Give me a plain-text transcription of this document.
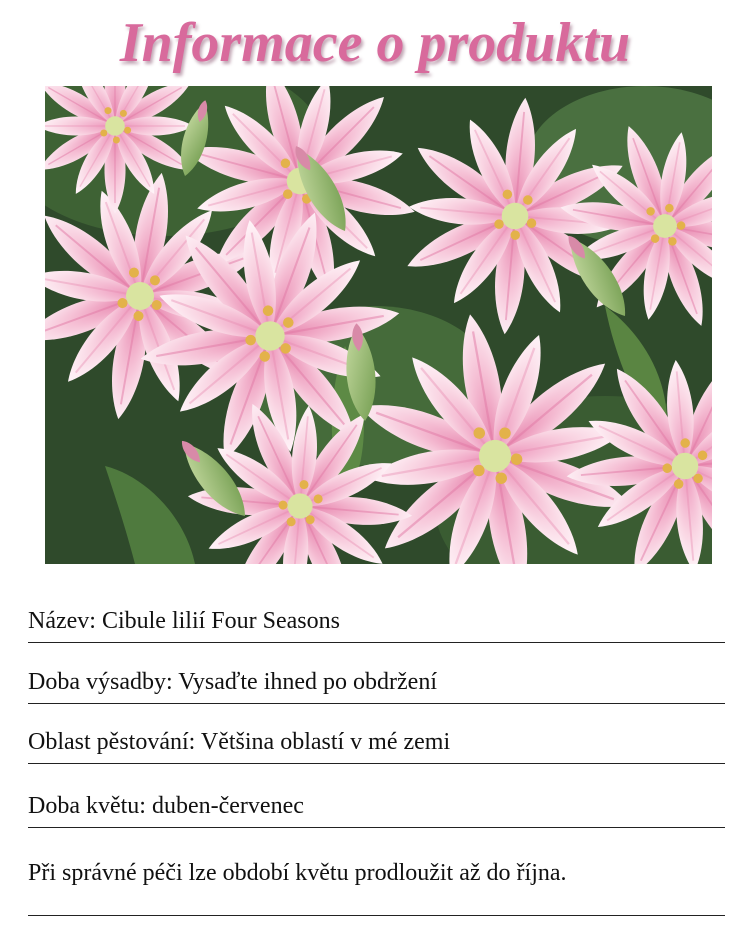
Informace o produktu
Název: Cibule lilií Four Seasons
Doba výsadby: Vysaďte ihned po obdržení
Oblast pěstování: Většina oblastí v mé zemi
Doba květu: duben-červenec
Při správné péči lze období květu prodloužit až do října.
